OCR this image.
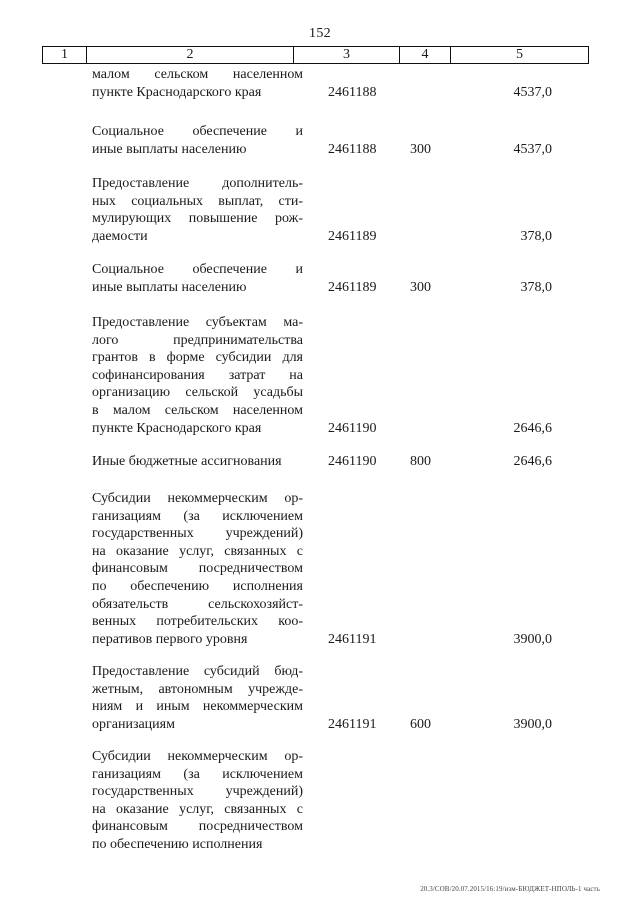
152
1	2	3	4	5
малом сельском населенном
пункте Краснодарского края	2461188	4537,0
Социальное обеспечение и
иные выплаты населению	2461188 300	4537,0
Предоставление дополнитель-
ных социальных выплат, сти-
мулирующих повышение рож-
даемости	2461189	378,0
Социальное обеспечение и
иные выплаты населению	2461189 300	378,0
Предоставление субъектам ма-
лого предпринимательства
грантов в форме субсидии для
софинансирования затрат на
организацию сельской усадьбы
в малом сельском населенном
пункте Краснодарского края	2461190	2646,6
Иные бюджетные ассигнования	2461190 800	2646,6
Субсидии некоммерческим ор-
ганизациям (за исключением
государственных учреждений)
на оказание услуг, связанных с
финансовым посредничеством
по обеспечению исполнения
обязательств сельскохозяйст-
венных потребительских коо-
перативов первого уровня	2461191	3900,0
Предоставление субсидий бюд-
жетным, автономным учрежде-
ниям и иным некоммерческим
организациям	2461191 600	3900,0
Субсидии некоммерческим ор-
ганизациям (за исключением
государственных учреждений)
на оказание услуг, связанных с
финансовым посредничеством
по обеспечению исполнения
20.3/СОВ/20.07.2015/16:19/изм-БЮДЖЕТ-НПОЛЬ-1 часть
